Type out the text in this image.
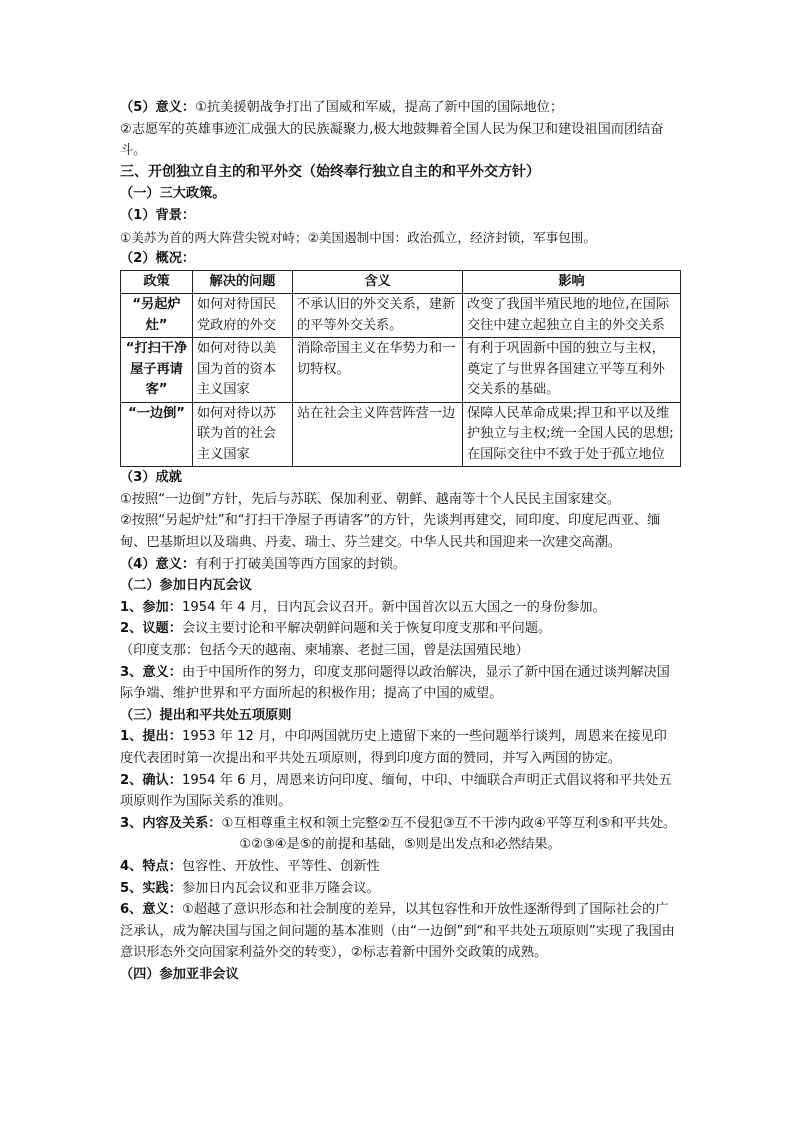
（5）意义：①抗美援朝战争打出了国威和军威，提高了新中国的国际地位；

②志愿军的英雄事迹汇成强大的民族凝聚力,极大地鼓舞着全国人民为保卫和建设祖国而团结奋斗。

三、开创独立自主的和平外交（始终奉行独立自主的和平外交方针）

（一）三大政策。

（1）背景：

①美苏为首的两大阵营尖锐对峙；②美国遏制中国：政治孤立，经济封锁，军事包围。

（2）概况：

政策	解决的问题	含义	影响
“另起炉灶”	如何对待国民党政府的外交	不承认旧的外交关系，建新的平等外交关系。	改变了我国半殖民地的地位,在国际交往中建立起独立自主的外交关系
“打扫干净屋子再请客”	如何对待以美国为首的资本主义国家	消除帝国主义在华势力和一切特权。	有利于巩固新中国的独立与主权，奠定了与世界各国建立平等互利外交关系的基础。
“一边倒”	如何对待以苏联为首的社会主义国家	站在社会主义阵营阵营一边	保障人民革命成果;捍卫和平以及维护独立与主权;统一全国人民的思想;在国际交往中不致于处于孤立地位

（3）成就

①按照“一边倒”方针，先后与苏联、保加利亚、朝鲜、越南等十个人民民主国家建交。

②按照“另起炉灶”和“打扫干净屋子再请客”的方针，先谈判再建交，同印度、印度尼西亚、缅甸、巴基斯坦以及瑞典、丹麦、瑞士、芬兰建交。中华人民共和国迎来一次建交高潮。

（4）意义：有利于打破美国等西方国家的封锁。

（二）参加日内瓦会议

1、参加：1954 年 4 月，日内瓦会议召开。新中国首次以五大国之一的身份参加。

2、议题：会议主要讨论和平解决朝鲜问题和关于恢复印度支那和平问题。

（印度支那：包括今天的越南、柬埔寨、老挝三国，曾是法国殖民地）

3、意义：由于中国所作的努力，印度支那问题得以政治解决，显示了新中国在通过谈判解决国际争端、维护世界和平方面所起的积极作用；提高了中国的威望。

（三）提出和平共处五项原则

1、提出：1953 年 12 月，中印两国就历史上遗留下来的一些问题举行谈判，周恩来在接见印度代表团时第一次提出和平共处五项原则，得到印度方面的赞同，并写入两国的协定。

2、确认：1954 年 6 月，周恩来访问印度、缅甸，中印、中缅联合声明正式倡议将和平共处五项原则作为国际关系的准则。

3、内容及关系：①互相尊重主权和领土完整②互不侵犯③互不干涉内政④平等互利⑤和平共处。

①②③④是⑤的前提和基础，⑤则是出发点和必然结果。

4、特点：包容性、开放性、平等性、创新性

5、实践：参加日内瓦会议和亚非万隆会议。

6、意义：①超越了意识形态和社会制度的差异，以其包容性和开放性逐渐得到了国际社会的广泛承认，成为解决国与国之间问题的基本准则（由“一边倒”到“和平共处五项原则”实现了我国由意识形态外交向国家利益外交的转变），②标志着新中国外交政策的成熟。

（四）参加亚非会议
